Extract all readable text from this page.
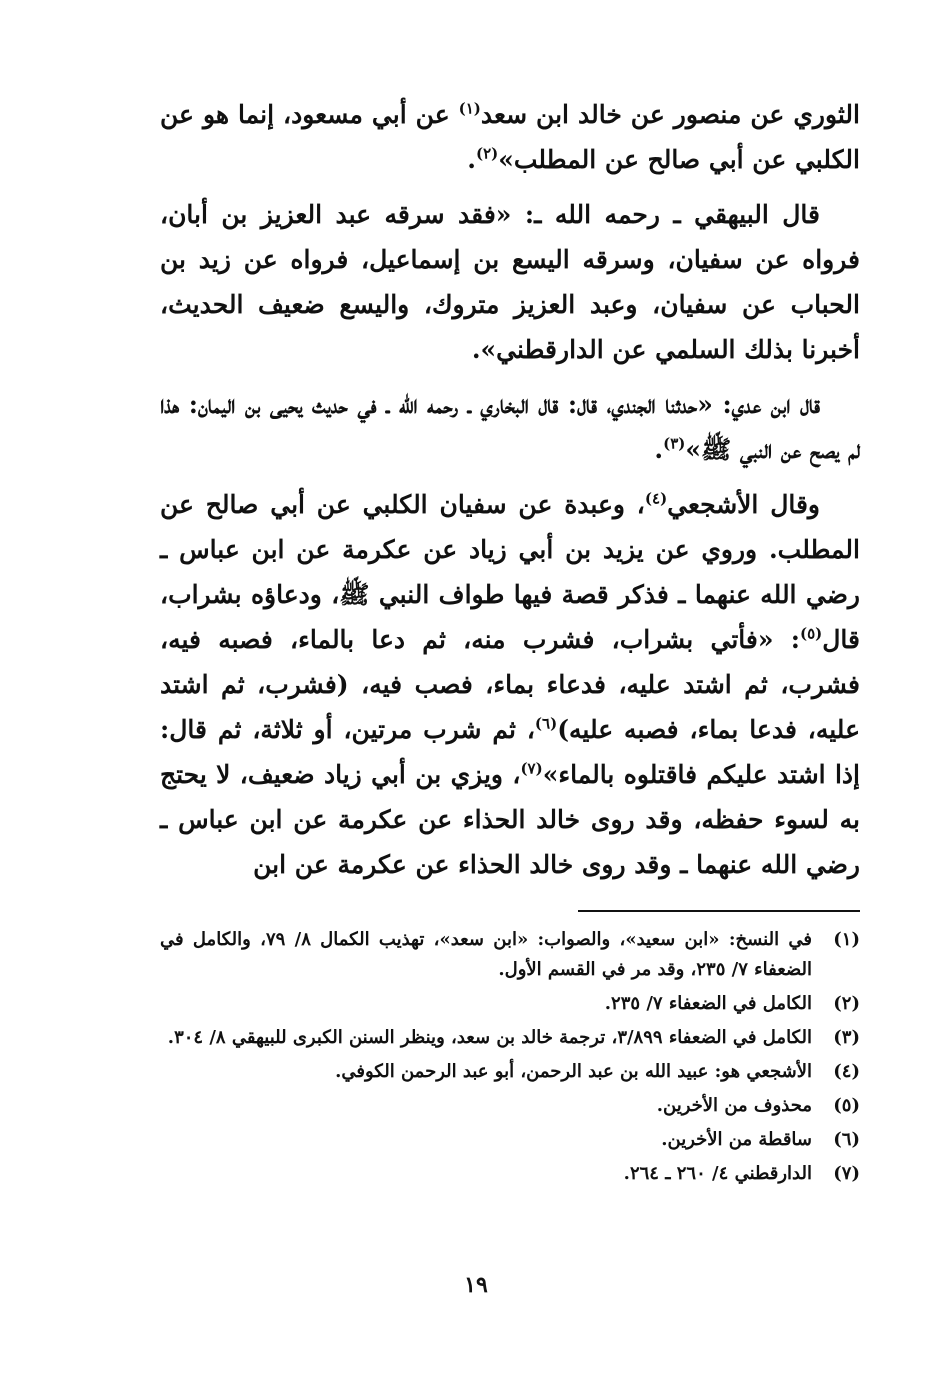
الثوري عن منصور عن خالد ابن سعد$^{(١)}$ عن أبي مسعود، إنما هو عن الكلبي عن أبي صالح عن المطلب»$^{(٢)}$.

قال البيهقي ـ رحمه الله ـ: «فقد سرقه عبد العزيز بن أبان، فرواه عن سفيان، وسرقه اليسع بن إسماعيل، فرواه عن زيد بن الحباب عن سفيان، وعبد العزيز متروك، واليسع ضعيف الحديث، أخبرنا بذلك السلمي عن الدارقطني».

قال ابن عدي: «حدثنا الجندي، قال: قال البخاري ـ رحمه الله ـ في حديث يحيى بن اليمان: هذا لم يصح عن النبي ﷺ»$^{(٣)}$.

وقال الأشجعي$^{(٤)}$، وعبدة عن سفيان الكلبي عن أبي صالح عن المطلب. وروي عن يزيد بن أبي زياد عن عكرمة عن ابن عباس ـ رضي الله عنهما ـ فذكر قصة فيها طواف النبي ﷺ، ودعاؤه بشراب، قال$^{(٥)}$: «فأتي بشراب، فشرب منه، ثم دعا بالماء، فصبه فيه، فشرب، ثم اشتد عليه، فدعاء بماء، فصب فيه، (فشرب، ثم اشتد عليه، فدعا بماء، فصبه عليه)$^{(٦)}$، ثم شرب مرتين، أو ثلاثة، ثم قال: إذا اشتد عليكم فاقتلوه بالماء»$^{(٧)}$، ويزي بن أبي زياد ضعيف، لا يحتج به لسوء حفظه، وقد روى خالد الحذاء عن عكرمة عن ابن عباس ـ رضي الله عنهما ـ وقد روى خالد الحذاء عن عكرمة عن ابن

(١)
في النسخ: «ابن سعيد»، والصواب: «ابن سعد»، تهذيب الكمال ٨/ ٧٩، والكامل في الضعفاء ٧/ ٢٣٥، وقد مر في القسم الأول.

(٢)
الكامل في الضعفاء ٧/ ٢٣٥.

(٣)
الكامل في الضعفاء ٣/٨٩٩، ترجمة خالد بن سعد، وينظر السنن الكبرى للبيهقي ٨/ ٣٠٤.

(٤)
الأشجعي هو: عبيد الله بن عبد الرحمن، أبو عبد الرحمن الكوفي.

(٥)
محذوف من الأخرين.

(٦)
ساقطة من الأخرين.

(٧)
الدارقطني ٤/ ٢٦٠ ـ ٢٦٤.

١٩
